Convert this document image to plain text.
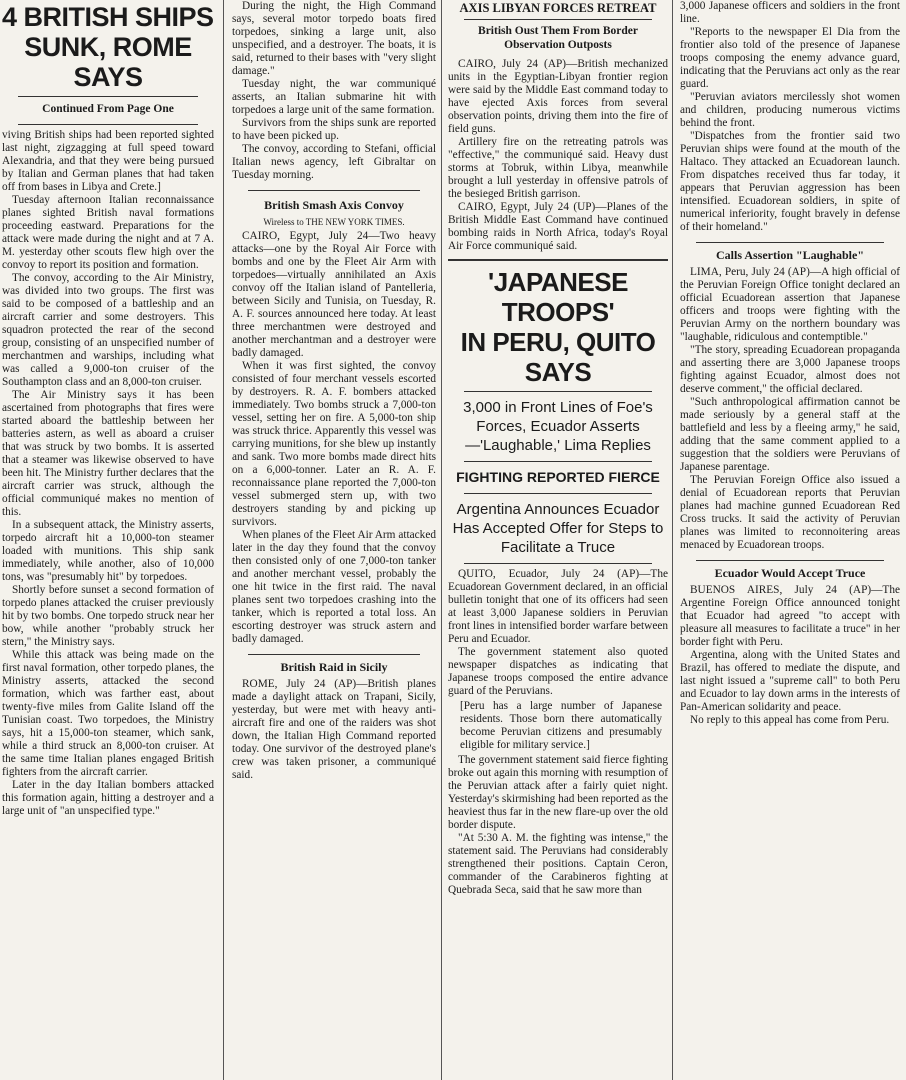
4 BRITISH SHIPS
SUNK, ROME SAYS
Continued From Page One

viving British ships had been reported sighted last night, zigzagging at full speed toward Alexandria, and that they were being pursued by Italian and German planes that had taken off from bases in Libya and Crete.]

Tuesday afternoon Italian reconnaissance planes sighted British naval formations proceeding eastward. Preparations for the attack were made during the night and at 7 A. M. yesterday other scouts flew high over the convoy to report its position and formation.

The convoy, according to the Air Ministry, was divided into two groups. The first was said to be composed of a battleship and an aircraft carrier and some destroyers. This squadron protected the rear of the second group, consisting of an unspecified number of merchantmen and warships, including what was called a 9,000-ton cruiser of the Southampton class and an 8,000-ton cruiser.

The Air Ministry says it has been ascertained from photographs that fires were started aboard the battleship between her batteries astern, as well as aboard a cruiser that was struck by two bombs. It is asserted that a steamer was likewise observed to have been hit. The Ministry further declares that the aircraft carrier was struck, although the official communiqué makes no mention of this.

In a subsequent attack, the Ministry asserts, torpedo aircraft hit a 10,000-ton steamer loaded with munitions. This ship sank immediately, while another, also of 10,000 tons, was "presumably hit" by torpedoes.

Shortly before sunset a second formation of torpedo planes attacked the cruiser previously hit by two bombs. One torpedo struck near her bow, while another "probably struck her stern," the Ministry says.

While this attack was being made on the first naval formation, other torpedo planes, the Ministry asserts, attacked the second formation, which was farther east, about twenty-five miles from Galite Island off the Tunisian coast. Two torpedoes, the Ministry says, hit a 15,000-ton steamer, which sank, while a third struck an 8,000-ton cruiser. At the same time Italian planes engaged British fighters from the aircraft carrier.

Later in the day Italian bombers attacked this formation again, hitting a destroyer and a large unit of "an unspecified type."

During the night, the High Command says, several motor torpedo boats fired torpedoes, sinking a large unit, also unspecified, and a destroyer. The boats, it is said, returned to their bases with "very slight damage."

Tuesday night, the war communiqué asserts, an Italian submarine hit with torpedoes a large unit of the same formation.

Survivors from the ships sunk are reported to have been picked up.

The convoy, according to Stefani, official Italian news agency, left Gibraltar on Tuesday morning.

British Smash Axis Convoy
Wireless to THE NEW YORK TIMES.

CAIRO, Egypt, July 24—Two heavy attacks—one by the Royal Air Force with bombs and one by the Fleet Air Arm with torpedoes—virtually annihilated an Axis convoy off the Italian island of Pantelleria, between Sicily and Tunisia, on Tuesday, R. A. F. sources announced here today. At least three merchantmen were destroyed and another merchantman and a destroyer were badly damaged.

When it was first sighted, the convoy consisted of four merchant vessels escorted by destroyers. R. A. F. bombers attacked immediately. Two bombs struck a 7,000-ton vessel, setting her on fire. A 5,000-ton ship was struck thrice. Apparently this vessel was carrying munitions, for she blew up instantly and sank. Two more bombs made direct hits on a 6,000-tonner. Later an R. A. F. reconnaissance plane reported the 7,000-ton vessel submerged stern up, with two destroyers standing by and picking up survivors.

When planes of the Fleet Air Arm attacked later in the day they found that the convoy then consisted only of one 7,000-ton tanker and another merchant vessel, probably the one hit twice in the first raid. The naval planes sent two torpedoes crashing into the tanker, which is reported a total loss. An escorting destroyer was struck astern and badly damaged.

British Raid in Sicily

ROME, July 24 (AP)—British planes made a daylight attack on Trapani, Sicily, yesterday, but were met with heavy anti-aircraft fire and one of the raiders was shot down, the Italian High Command reported today. One survivor of the destroyed plane's crew was taken prisoner, a communiqué said.

AXIS LIBYAN FORCES RETREAT
British Oust Them From Border Observation Outposts

CAIRO, July 24 (AP)—British mechanized units in the Egyptian-Libyan frontier region were said by the Middle East command today to have ejected Axis forces from several observation points, driving them into the fire of field guns.

Artillery fire on the retreating patrols was "effective," the communiqué said. Heavy dust storms at Tobruk, within Libya, meanwhile brought a lull yesterday in offensive patrols of the besieged British garrison.

CAIRO, Egypt, July 24 (UP)—Planes of the British Middle East Command have continued bombing raids in North Africa, today's Royal Air Force communiqué said.

'JAPANESE TROOPS'
IN PERU, QUITO SAYS
3,000 in Front Lines of Foe's Forces, Ecuador Asserts—'Laughable,' Lima Replies
FIGHTING REPORTED FIERCE
Argentina Announces Ecuador Has Accepted Offer for Steps to Facilitate a Truce

QUITO, Ecuador, July 24 (AP)—The Ecuadorean Government declared, in an official bulletin tonight that one of its officers had seen at least 3,000 Japanese soldiers in Peruvian front lines in intensified border warfare between Peru and Ecuador.

The government statement also quoted newspaper dispatches as indicating that Japanese troops composed the entire advance guard of the Peruvians.

[Peru has a large number of Japanese residents. Those born there automatically become Peruvian citizens and presumably eligible for military service.]

The government statement said fierce fighting broke out again this morning with resumption of the Peruvian attack after a fairly quiet night. Yesterday's skirmishing had been reported as the heaviest thus far in the new flare-up over the old border dispute.

"At 5:30 A. M. the fighting was intense," the statement said. The Peruvians had considerably strengthened their positions. Captain Ceron, commander of the Carabineros fighting at Quebrada Seca, said that he saw more than

3,000 Japanese officers and soldiers in the front line.

"Reports to the newspaper El Dia from the frontier also told of the presence of Japanese troops composing the enemy advance guard, indicating that the Peruvians act only as the rear guard.

"Peruvian aviators mercilessly shot women and children, producing numerous victims behind the front.

"Dispatches from the frontier said two Peruvian ships were found at the mouth of the Haltaco. They attacked an Ecuadorean launch. From dispatches received thus far today, it appears that Peruvian aggression has been intensified. Ecuadorean soldiers, in spite of numerical inferiority, fought bravely in defense of their homeland."

Calls Assertion "Laughable"

LIMA, Peru, July 24 (AP)—A high official of the Peruvian Foreign Office tonight declared an official Ecuadorean assertion that Japanese officers and troops were fighting with the Peruvian Army on the northern boundary was "laughable, ridiculous and contemptible."

"The story, spreading Ecuadorean propaganda and asserting there are 3,000 Japanese troops fighting against Ecuador, almost does not deserve comment," the official declared.

"Such anthropological affirmation cannot be made seriously by a general staff at the battlefield and less by a fleeing army," he said, adding that the same comment applied to a suggestion that the soldiers were Peruvians of Japanese parentage.

The Peruvian Foreign Office also issued a denial of Ecuadorean reports that Peruvian planes had machine gunned Ecuadorean Red Cross trucks. It said the activity of Peruvian planes was limited to reconnoitering areas menaced by Ecuadorean troops.

Ecuador Would Accept Truce

BUENOS AIRES, July 24 (AP)—The Argentine Foreign Office announced tonight that Ecuador had agreed "to accept with pleasure all measures to facilitate a truce" in her border fight with Peru.

Argentina, along with the United States and Brazil, has offered to mediate the dispute, and last night issued a "supreme call" to both Peru and Ecuador to lay down arms in the interests of Pan-American solidarity and peace.

No reply to this appeal has come from Peru.
